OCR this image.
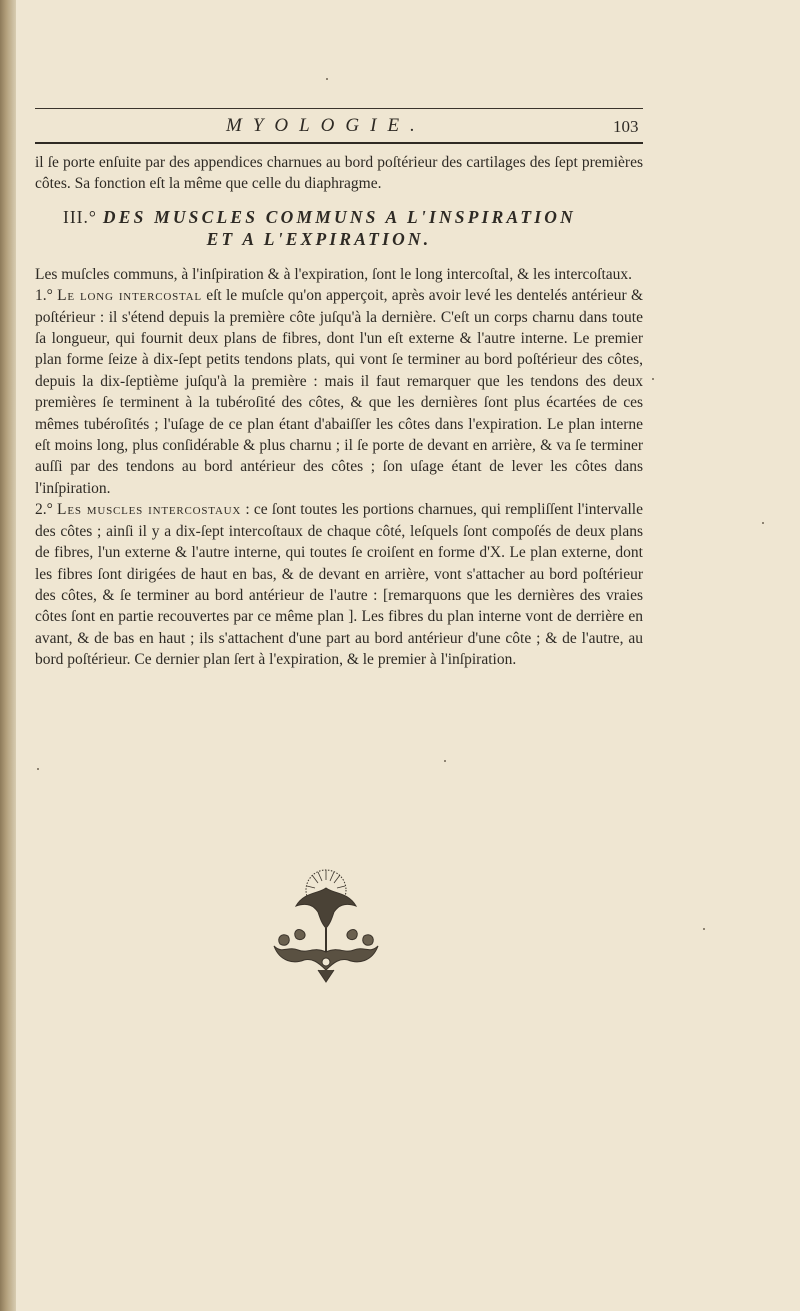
MYOLOGIE.	103

il ſe porte enſuite par des appendices charnues au bord poſtérieur des cartilages des ſept premières côtes. Sa fonction eſt la même que celle du diaphragme.

III.° DES MUSCLES COMMUNS A L'INSPIRATION
ET A L'EXPIRATION.

Les muſcles communs, à l'inſpiration & à l'expiration, ſont le long intercoſtal, & les intercoſtaux.

1.° Le long intercostal eſt le muſcle qu'on apperçoit, après avoir levé les dentelés antérieur & poſtérieur : il s'étend depuis la première côte juſqu'à la dernière. C'eſt un corps charnu dans toute ſa longueur, qui fournit deux plans de fibres, dont l'un eſt externe & l'autre interne. Le premier plan forme ſeize à dix-ſept petits tendons plats, qui vont ſe terminer au bord poſtérieur des côtes, depuis la dix-ſeptième juſqu'à la première : mais il faut remarquer que les tendons des deux premières ſe terminent à la tubéroſité des côtes, & que les dernières ſont plus écartées de ces mêmes tubéroſités ; l'uſage de ce plan étant d'abaiſſer les côtes dans l'expiration. Le plan interne eſt moins long, plus conſidérable & plus charnu ; il ſe porte de devant en arrière, & va ſe terminer auſſi par des tendons au bord antérieur des côtes ; ſon uſage étant de lever les côtes dans l'inſpiration.

2.° Les muscles intercostaux : ce ſont toutes les portions charnues, qui rempliſſent l'intervalle des côtes ; ainſi il y a dix-ſept intercoſtaux de chaque côté, leſquels ſont compoſés de deux plans de fibres, l'un externe & l'autre interne, qui toutes ſe croiſent en forme d'X. Le plan externe, dont les fibres ſont dirigées de haut en bas, & de devant en arrière, vont s'attacher au bord poſtérieur des côtes, & ſe terminer au bord antérieur de l'autre : [remarquons que les dernières des vraies côtes ſont en partie recouvertes par ce même plan ]. Les fibres du plan interne vont de derrière en avant, & de bas en haut ; ils s'attachent d'une part au bord antérieur d'une côte ; & de l'autre, au bord poſtérieur. Ce dernier plan ſert à l'expiration, & le premier à l'inſpiration.
